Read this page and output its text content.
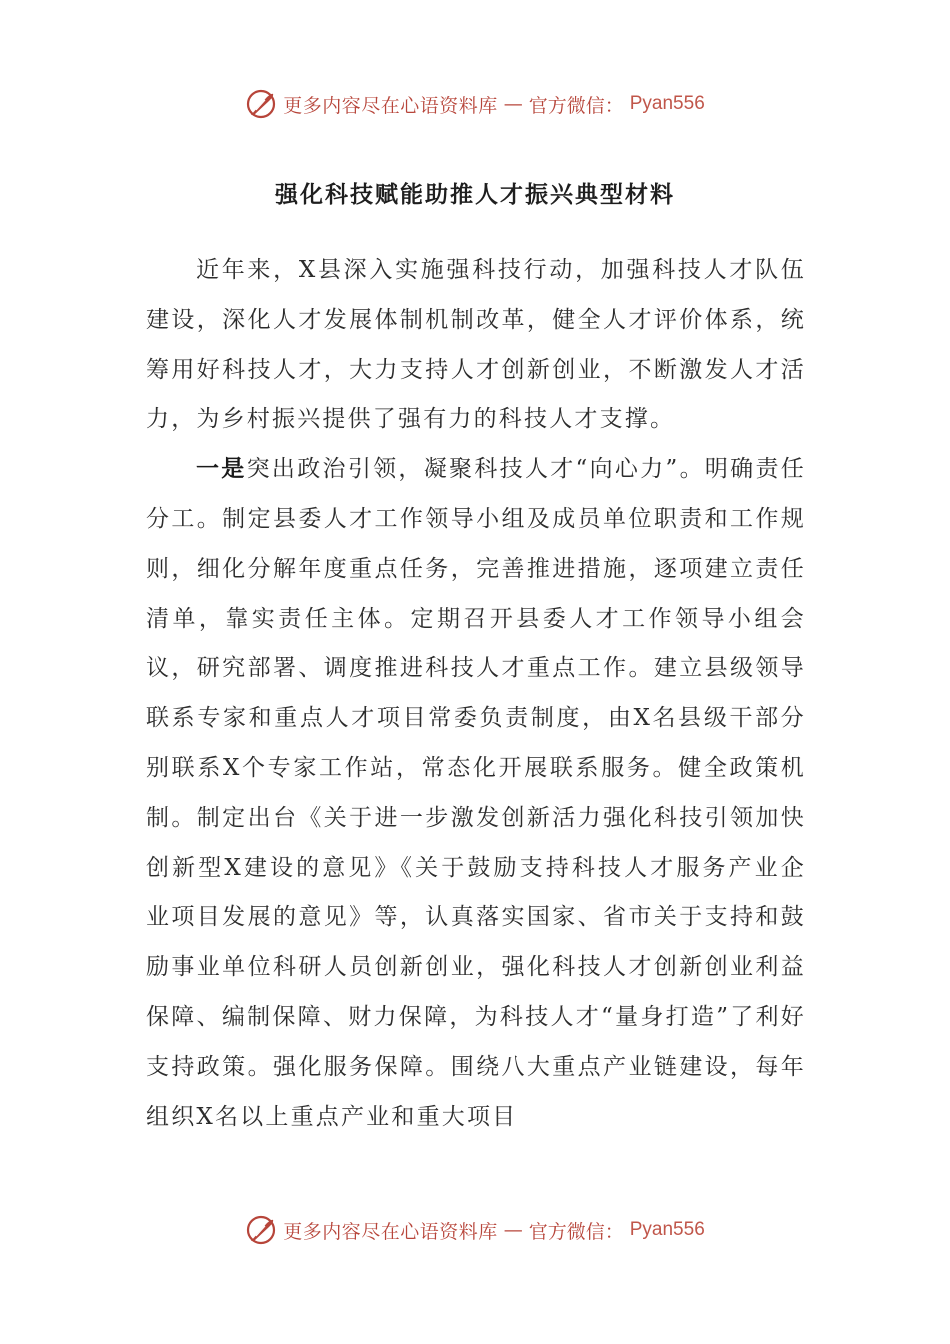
更多内容尽在心语资料库 — 官方微信： Pyan556
强化科技赋能助推人才振兴典型材料

近年来，X县深入实施强科技行动，加强科技人才队伍建设，深化人才发展体制机制改革，健全人才评价体系，统筹用好科技人才，大力支持人才创新创业，不断激发人才活力，为乡村振兴提供了强有力的科技人才支撑。

一是突出政治引领，凝聚科技人才“向心力”。明确责任分工。制定县委人才工作领导小组及成员单位职责和工作规则，细化分解年度重点任务，完善推进措施，逐项建立责任清单，靠实责任主体。定期召开县委人才工作领导小组会议，研究部署、调度推进科技人才重点工作。建立县级领导联系专家和重点人才项目常委负责制度，由X名县级干部分别联系X个专家工作站，常态化开展联系服务。健全政策机制。制定出台《关于进一步激发创新活力强化科技引领加快创新型X建设的意见》《关于鼓励支持科技人才服务产业企业项目发展的意见》等，认真落实国家、省市关于支持和鼓励事业单位科研人员创新创业，强化科技人才创新创业利益保障、编制保障、财力保障，为科技人才“量身打造”了利好支持政策。强化服务保障。围绕八大重点产业链建设，每年组织X名以上重点产业和重大项目

更多内容尽在心语资料库 — 官方微信： Pyan556
